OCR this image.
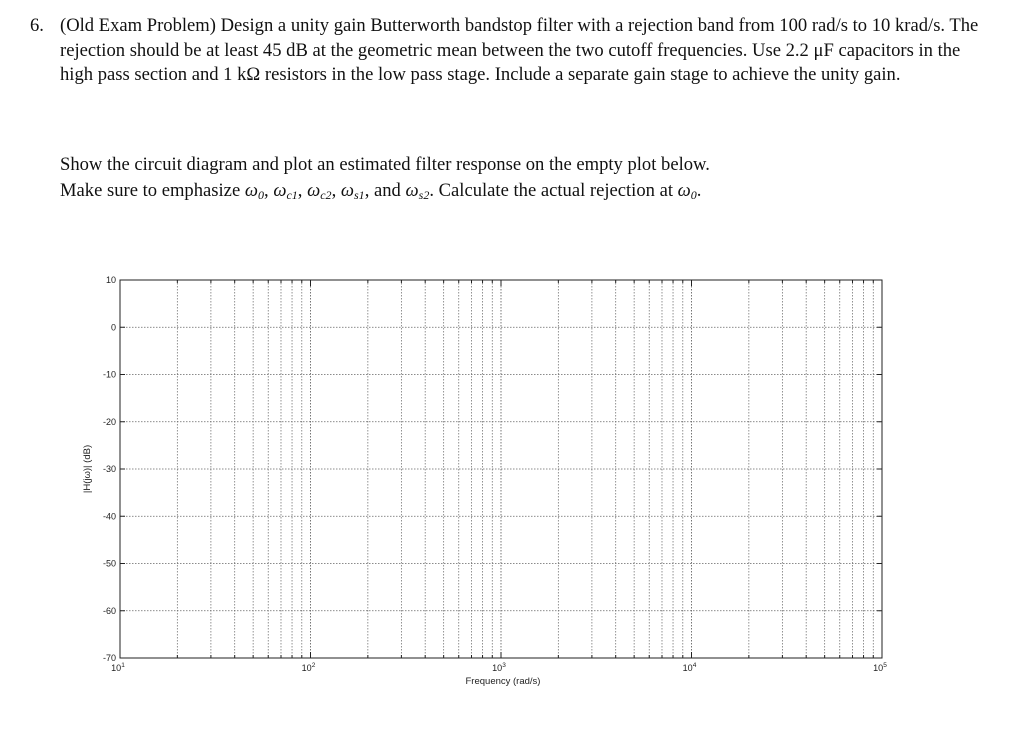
6. (Old Exam Problem) Design a unity gain Butterworth bandstop filter with a rejection band from 100 rad/s to 10 krad/s. The rejection should be at least 45 dB at the geometric mean between the two cutoff frequencies. Use 2.2 μF capacitors in the high pass section and 1 kΩ resistors in the low pass stage. Include a separate gain stage to achieve the unity gain.
Show the circuit diagram and plot an estimated filter response on the empty plot below.
Make sure to emphasize $\omega_0$, $\omega_{c1}$, $\omega_{c2}$, $\omega_{s1}$, and $\omega_{s2}$. Calculate the actual rejection at $\omega_0$.
10
0
-10
-20
-30
-40
-50
-60
-70
$10^1$	$10^2$	$10^3$	$10^4$	$10^5$
Frequency (rad/s)
|H(jω)| (dB)
